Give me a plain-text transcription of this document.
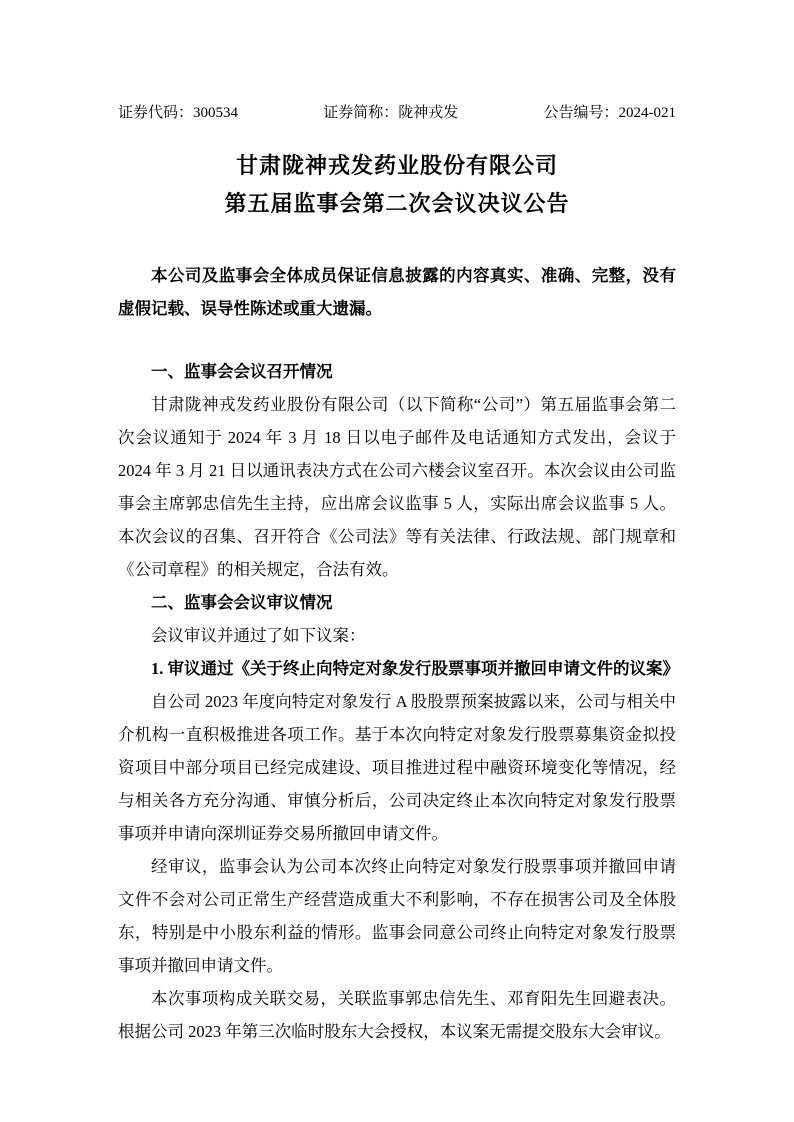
证券代码：300534	证券简称：陇神戎发	公告编号：2024-021
甘肃陇神戎发药业股份有限公司
第五届监事会第二次会议决议公告

本公司及监事会全体成员保证信息披露的内容真实、准确、完整，没有虚假记载、误导性陈述或重大遗漏。

一、监事会会议召开情况

甘肃陇神戎发药业股份有限公司（以下简称“公司”）第五届监事会第二次会议通知于 2024 年 3 月 18 日以电子邮件及电话通知方式发出，会议于 2024 年 3 月 21 日以通讯表决方式在公司六楼会议室召开。本次会议由公司监事会主席郭忠信先生主持，应出席会议监事 5 人，实际出席会议监事 5 人。本次会议的召集、召开符合《公司法》等有关法律、行政法规、部门规章和《公司章程》的相关规定，合法有效。

二、监事会会议审议情况

会议审议并通过了如下议案：

1. 审议通过《关于终止向特定对象发行股票事项并撤回申请文件的议案》

自公司 2023 年度向特定对象发行 A 股股票预案披露以来，公司与相关中介机构一直积极推进各项工作。基于本次向特定对象发行股票募集资金拟投资项目中部分项目已经完成建设、项目推进过程中融资环境变化等情况，经与相关各方充分沟通、审慎分析后，公司决定终止本次向特定对象发行股票事项并申请向深圳证券交易所撤回申请文件。

经审议，监事会认为公司本次终止向特定对象发行股票事项并撤回申请文件不会对公司正常生产经营造成重大不利影响，不存在损害公司及全体股东，特别是中小股东利益的情形。监事会同意公司终止向特定对象发行股票事项并撤回申请文件。

本次事项构成关联交易，关联监事郭忠信先生、邓育阳先生回避表决。根据公司 2023 年第三次临时股东大会授权，本议案无需提交股东大会审议。
